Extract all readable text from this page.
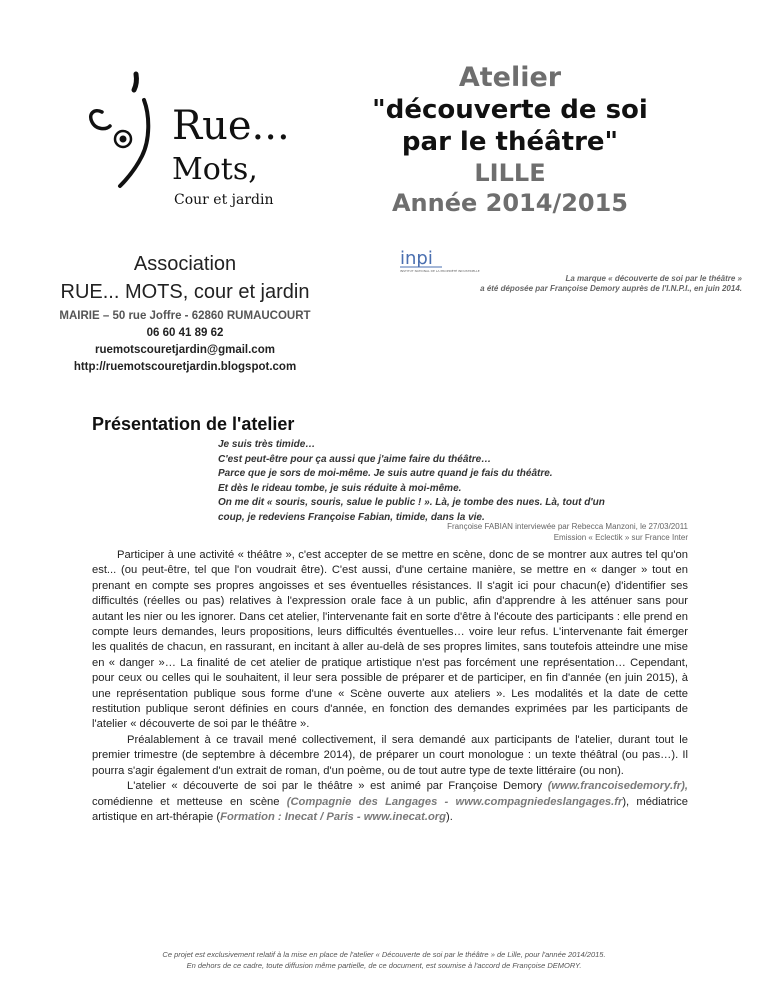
Rue...
Mots,
Cour et jardin
Atelier
"découverte de soi
par le théâtre"
LILLE
Année 2014/2015
inpi
INSTITUT NATIONAL DE LA PROPRIÉTÉ INDUSTRIELLE
La marque « découverte de soi par le théâtre »
a été déposée par Françoise Demory auprès de l'I.N.P.I., en juin 2014.
Association
RUE... MOTS, cour et jardin
MAIRIE – 50 rue Joffre - 62860 RUMAUCOURT
06 60 41 89 62
ruemotscouretjardin@gmail.com
http://ruemotscouretjardin.blogspot.com
Présentation de l'atelier
Je suis très timide…
C'est peut-être pour ça aussi que j'aime faire du théâtre…
Parce que je sors de moi-même. Je suis autre quand je fais du théâtre.
Et dès le rideau tombe, je suis réduite à moi-même.
On me dit « souris, souris, salue le public ! ». Là, je tombe des nues. Là, tout d'un
coup, je redeviens Françoise Fabian, timide, dans la vie.
Françoise FABIAN interviewée par Rebecca Manzoni, le 27/03/2011
Emission « Eclectik » sur France Inter

Participer à une activité « théâtre », c'est accepter de se mettre en scène, donc de se montrer aux autres tel qu'on est... (ou peut-être, tel que l'on voudrait être). C'est aussi, d'une certaine manière, se mettre en « danger » tout en prenant en compte ses propres angoisses et ses éventuelles résistances. Il s'agit ici pour chacun(e) d'identifier ses difficultés (réelles ou pas) relatives à l'expression orale face à un public, afin d'apprendre à les atténuer sans pour autant les nier ou les ignorer. Dans cet atelier, l'intervenante fait en sorte d'être à l'écoute des participants : elle prend en compte leurs demandes, leurs propositions, leurs difficultés éventuelles… voire leur refus. L'intervenante fait émerger les qualités de chacun, en rassurant, en incitant à aller au-delà de ses propres limites, sans toutefois atteindre une mise en « danger »… La finalité de cet atelier de pratique artistique n'est pas forcément une représentation… Cependant, pour ceux ou celles qui le souhaitent, il leur sera possible de préparer et de participer, en fin d'année (en juin 2015), à une représentation publique sous forme d'une « Scène ouverte aux ateliers ». Les modalités et la date de cette restitution publique seront définies en cours d'année, en fonction des demandes exprimées par les participants de l'atelier « découverte de soi par le théâtre ».

Préalablement à ce travail mené collectivement, il sera demandé aux participants de l'atelier, durant tout le premier trimestre (de septembre à décembre 2014), de préparer un court monologue : un texte théâtral (ou pas…). Il pourra s'agir également d'un extrait de roman, d'un poème, ou de tout autre type de texte littéraire (ou non).

L'atelier « découverte de soi par le théâtre » est animé par Françoise Demory (www.francoisedemory.fr), comédienne et metteuse en scène (Compagnie des Langages - www.compagniedeslangages.fr), médiatrice artistique en art-thérapie (Formation : Inecat / Paris - www.inecat.org).

Ce projet est exclusivement relatif à la mise en place de l'atelier « Découverte de soi par le théâtre » de Lille, pour l'année 2014/2015.
En dehors de ce cadre, toute diffusion même partielle, de ce document, est soumise à l'accord de Françoise DEMORY.
